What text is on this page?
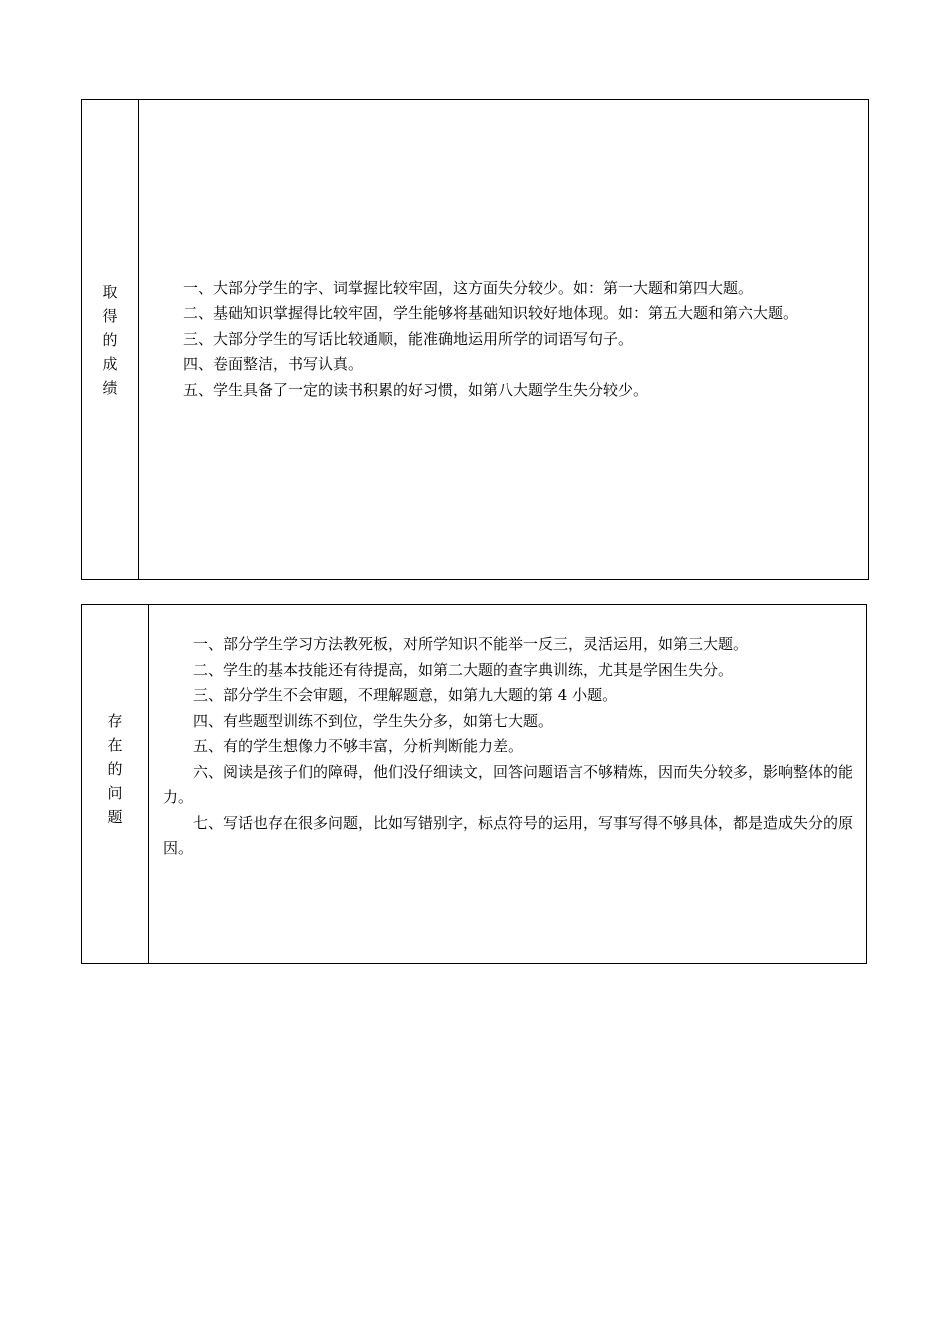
取
得
的
成
绩

一、大部分学生的字、词掌握比较牢固，这方面失分较少。如：第一大题和第四大题。

二、基础知识掌握得比较牢固，学生能够将基础知识较好地体现。如：第五大题和第六大题。

三、大部分学生的写话比较通顺，能准确地运用所学的词语写句子。

四、卷面整洁，书写认真。

五、学生具备了一定的读书积累的好习惯，如第八大题学生失分较少。

存
在
的
问
题

一、部分学生学习方法教死板，对所学知识不能举一反三，灵活运用，如第三大题。

二、学生的基本技能还有待提高，如第二大题的查字典训练，尤其是学困生失分。

三、部分学生不会审题，不理解题意，如第九大题的第 4 小题。

四、有些题型训练不到位，学生失分多，如第七大题。

五、有的学生想像力不够丰富，分析判断能力差。

六、阅读是孩子们的障碍，他们没仔细读文，回答问题语言不够精炼，因而失分较多，影响整体的能力。

七、写话也存在很多问题，比如写错别字，标点符号的运用，写事写得不够具体，都是造成失分的原因。
